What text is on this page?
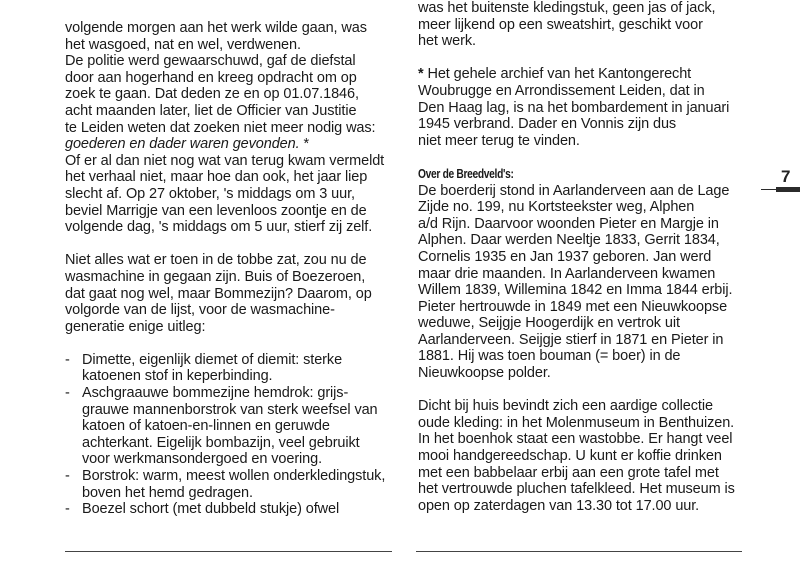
volgende morgen aan het werk wilde gaan, was
het wasgoed, nat en wel, verdwenen.
De politie werd gewaarschuwd, gaf de diefstal
door aan hogerhand en kreeg opdracht om op
zoek te gaan. Dat deden ze en op 01.07.1846,
acht maanden later, liet de Officier van Justitie
te Leiden weten dat zoeken niet meer nodig was:
goederen en dader waren gevonden. *
Of er al dan niet nog wat van terug kwam vermeldt
het verhaal niet, maar hoe dan ook, het jaar liep
slecht af. Op 27 oktober, 's middags om 3 uur,
beviel Marrigje van een levenloos zoontje en de
volgende dag, 's middags om 5 uur, stierf zij zelf.
Niet alles wat er toen in de tobbe zat, zou nu de
wasmachine in gegaan zijn. Buis of Boezeroen,
dat gaat nog wel, maar Bommezijn? Daarom, op
volgorde van de lijst, voor de wasmachine-
generatie enige uitleg:
- Dimette, eigenlijk diemet of diemit: sterke
katoenen stof in keperbinding.
- Aschgraauwe bommezijne hemdrok: grijs-
grauwe mannenborstrok van sterk weefsel van
katoen of katoen-en-linnen en geruwde
achterkant. Eigelijk bombazijn, veel gebruikt
voor werkmansondergoed en voering.
- Borstrok: warm, meest wollen onderkledingstuk,
boven het hemd gedragen.
- Boezel schort (met dubbeld stukje) ofwel
was het buitenste kledingstuk, geen jas of jack,
meer lijkend op een sweatshirt, geschikt voor
het werk.
* Het gehele archief van het Kantongerecht
Woubrugge en Arrondissement Leiden, dat in
Den Haag lag, is na het bombardement in januari
1945 verbrand. Dader en Vonnis zijn dus
niet meer terug te vinden.
Over de Breedveld's:
De boerderij stond in Aarlanderveen aan de Lage
Zijde no. 199, nu Kortsteekster weg, Alphen
a/d Rijn. Daarvoor woonden Pieter en Margje in
Alphen. Daar werden Neeltje 1833, Gerrit 1834,
Cornelis 1935 en Jan 1937 geboren. Jan werd
maar drie maanden. In Aarlanderveen kwamen
Willem 1839, Willemina 1842 en Imma 1844 erbij.
Pieter hertrouwde in 1849 met een Nieuwkoopse
weduwe, Seijgje Hoogerdijk en vertrok uit
Aarlanderveen. Seijgje stierf in 1871 en Pieter in
1881. Hij was toen bouman (= boer) in de
Nieuwkoopse polder.
Dicht bij huis bevindt zich een aardige collectie
oude kleding: in het Molenmuseum in Benthuizen.
In het boenhok staat een wastobbe. Er hangt veel
mooi handgereedschap. U kunt er koffie drinken
met een babbelaar erbij aan een grote tafel met
het vertrouwde pluchen tafelkleed. Het museum is
open op zaterdagen van 13.30 tot 17.00 uur.
7
